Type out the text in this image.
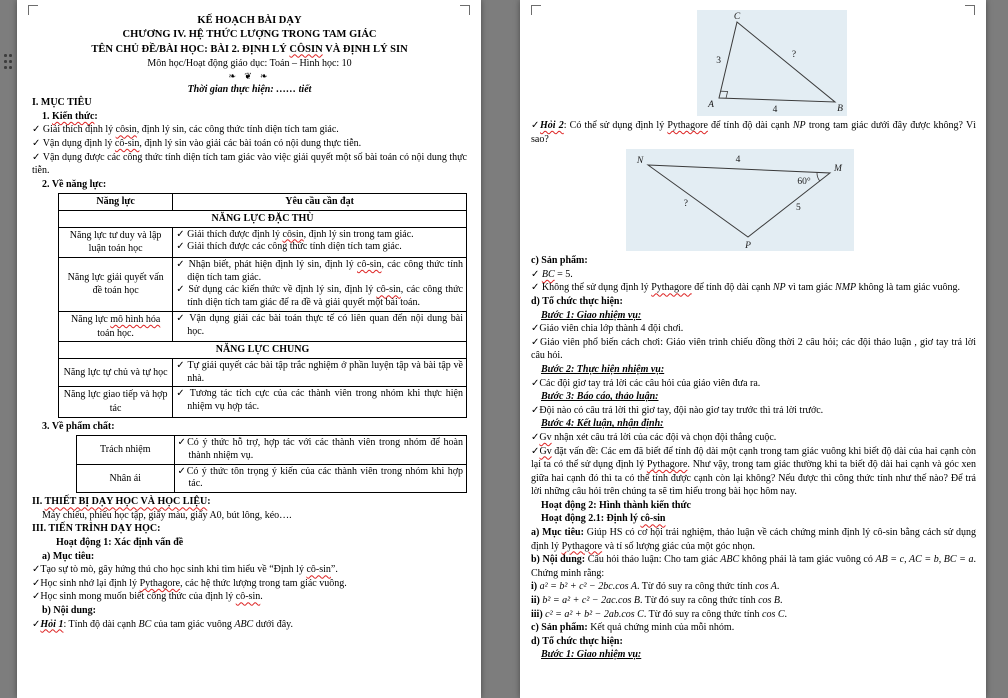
KẾ HOẠCH BÀI DẠY
CHƯƠNG IV. HỆ THỨC LƯỢNG TRONG TAM GIÁC
TÊN CHỦ ĐỀ/BÀI HỌC: BÀI 2. ĐỊNH LÝ CÔSIN VÀ ĐỊNH LÝ SIN
Môn học/Hoạt động giáo dục: Toán – Hình học: 10
❧ ❦ ❧
Thời gian thực hiện: …… tiết
I. MỤC TIÊU
1. Kiến thức:
✓ Giải thích định lý côsin, định lý sin, các công thức tính diện tích tam giác.
✓ Vận dụng định lý cô-sin, định lý sin vào giải các bài toán có nội dung thực tiễn.
✓ Vận dụng được các công thức tính diện tích tam giác vào việc giải quyết một số bài toán có nội dung thực tiễn.
2. Về năng lực:
Năng lực	Yêu cầu cần đạt
NĂNG LỰC ĐẶC THÙ	
Năng lực tư duy và lập luận toán học	✓ Giải thích được định lý côsin, định lý sin trong tam giác.
✓ Giải thích được các công thức tính diện tích tam giác.

Năng lực giải quyết vấn đề toán học	✓ Nhận biết, phát hiện định lý sin, định lý cô-sin, các công thức tính diện tích tam giác.
✓ Sử dụng các kiến thức về định lý sin, định lý cô-sin, các công thức tính diện tích tam giác để ra đề và giải quyết một bài toán.

Năng lực mô hình hóa toán học.	✓ Vận dụng giải các bài toán thực tế có liên quan đến nội dung bài học.

NĂNG LỰC CHUNG	
Năng lực tự chủ và tự học	✓ Tự giải quyết các bài tập trắc nghiệm ở phần luyện tập và bài tập về nhà.

Năng lực giao tiếp và hợp tác	✓ Tương tác tích cực của các thành viên trong nhóm khi thực hiện nhiệm vụ hợp tác.
3. Về phẩm chất:
Trách nhiệm	✓Có ý thức hỗ trợ, hợp tác với các thành viên trong nhóm để hoàn thành nhiệm vụ.

Nhân ái	✓Có ý thức tôn trọng ý kiến của các thành viên trong nhóm khi hợp tác.
II. THIẾT BỊ DẠY HỌC VÀ HỌC LIỆU:
Máy chiếu, phiếu học tập, giấy màu, giấy A0, bút lông, kéo….
III. TIẾN TRÌNH DẠY HỌC:
Hoạt động 1: Xác định vấn đề
a) Mục tiêu:
✓Tạo sự tò mò, gây hứng thú cho học sinh khi tìm hiểu về “Định lý cô-sin”.
✓Học sinh nhớ lại định lý Pythagore, các hệ thức lượng trong tam giác vuông.
✓Học sinh mong muốn biết công thức của định lý cô-sin.
b) Nội dung:
✓Hỏi 1: Tính độ dài cạnh BC của tam giác vuông ABC dưới đây.
C
A	B
3
4
?
✓Hỏi 2: Có thể sử dụng định lý Pythagore để tính độ dài cạnh NP trong tam giác dưới đây được không? Vì sao?
N
M
P
60°
4
5
?
c) Sản phẩm:
✓ BC = 5.
✓ Không thể sử dụng định lý Pythagore để tính độ dài cạnh NP vì tam giác NMP không là tam giác vuông.
d) Tổ chức thực hiện:
Bước 1: Giao nhiệm vụ:
✓Giáo viên chia lớp thành 4 đội chơi.
✓Giáo viên phổ biến cách chơi: Giáo viên trình chiếu đồng thời 2 câu hỏi; các đội thảo luận , giơ tay trả lời câu hỏi.
Bước 2: Thực hiện nhiệm vụ:
✓Các đội giơ tay trả lời các câu hỏi của giáo viên đưa ra.
Bước 3: Báo cáo, thảo luận:
✓Đội nào có câu trả lời thì giơ tay, đội nào giơ tay trước thì trả lời trước.
Bước 4: Kết luận, nhận định:
✓Gv nhận xét câu trả lời của các đội và chọn đội thắng cuộc.
✓Gv đặt vấn đề: Các em đã biết để tính độ dài một cạnh trong tam giác vuông khi biết độ dài của hai cạnh còn lại ta có thể sử dụng định lý Pythagore. Như vậy, trong tam giác thường khi ta biết độ dài hai cạnh và góc xen giữa hai cạnh đó thì ta có thể tính được cạnh còn lại không? Nếu được thì công thức tính như thế nào? Để trả lời những câu hỏi trên chúng ta sẽ tìm hiểu trong bài học hôm nay.
Hoạt động 2: Hình thành kiến thức
Hoạt động 2.1: Định lý cô-sin
a) Mục tiêu: Giúp HS có cơ hội trải nghiệm, thảo luận về cách chứng minh định lý cô-sin bằng cách sử dụng định lý Pythagore và tỉ số lượng giác của một góc nhọn.
b) Nội dung: Câu hỏi thảo luận: Cho tam giác ABC không phải là tam giác vuông có AB = c, AC = b, BC = a. Chứng minh rằng:
i) a² = b² + c² − 2bc.cos A. Từ đó suy ra công thức tính cos A.
ii) b² = a² + c² − 2ac.cos B. Từ đó suy ra công thức tính cos B.
iii) c² = a² + b² − 2ab.cos C. Từ đó suy ra công thức tính cos C.
c) Sản phẩm: Kết quả chứng minh của mỗi nhóm.
d) Tổ chức thực hiện:
Bước 1: Giao nhiệm vụ:
